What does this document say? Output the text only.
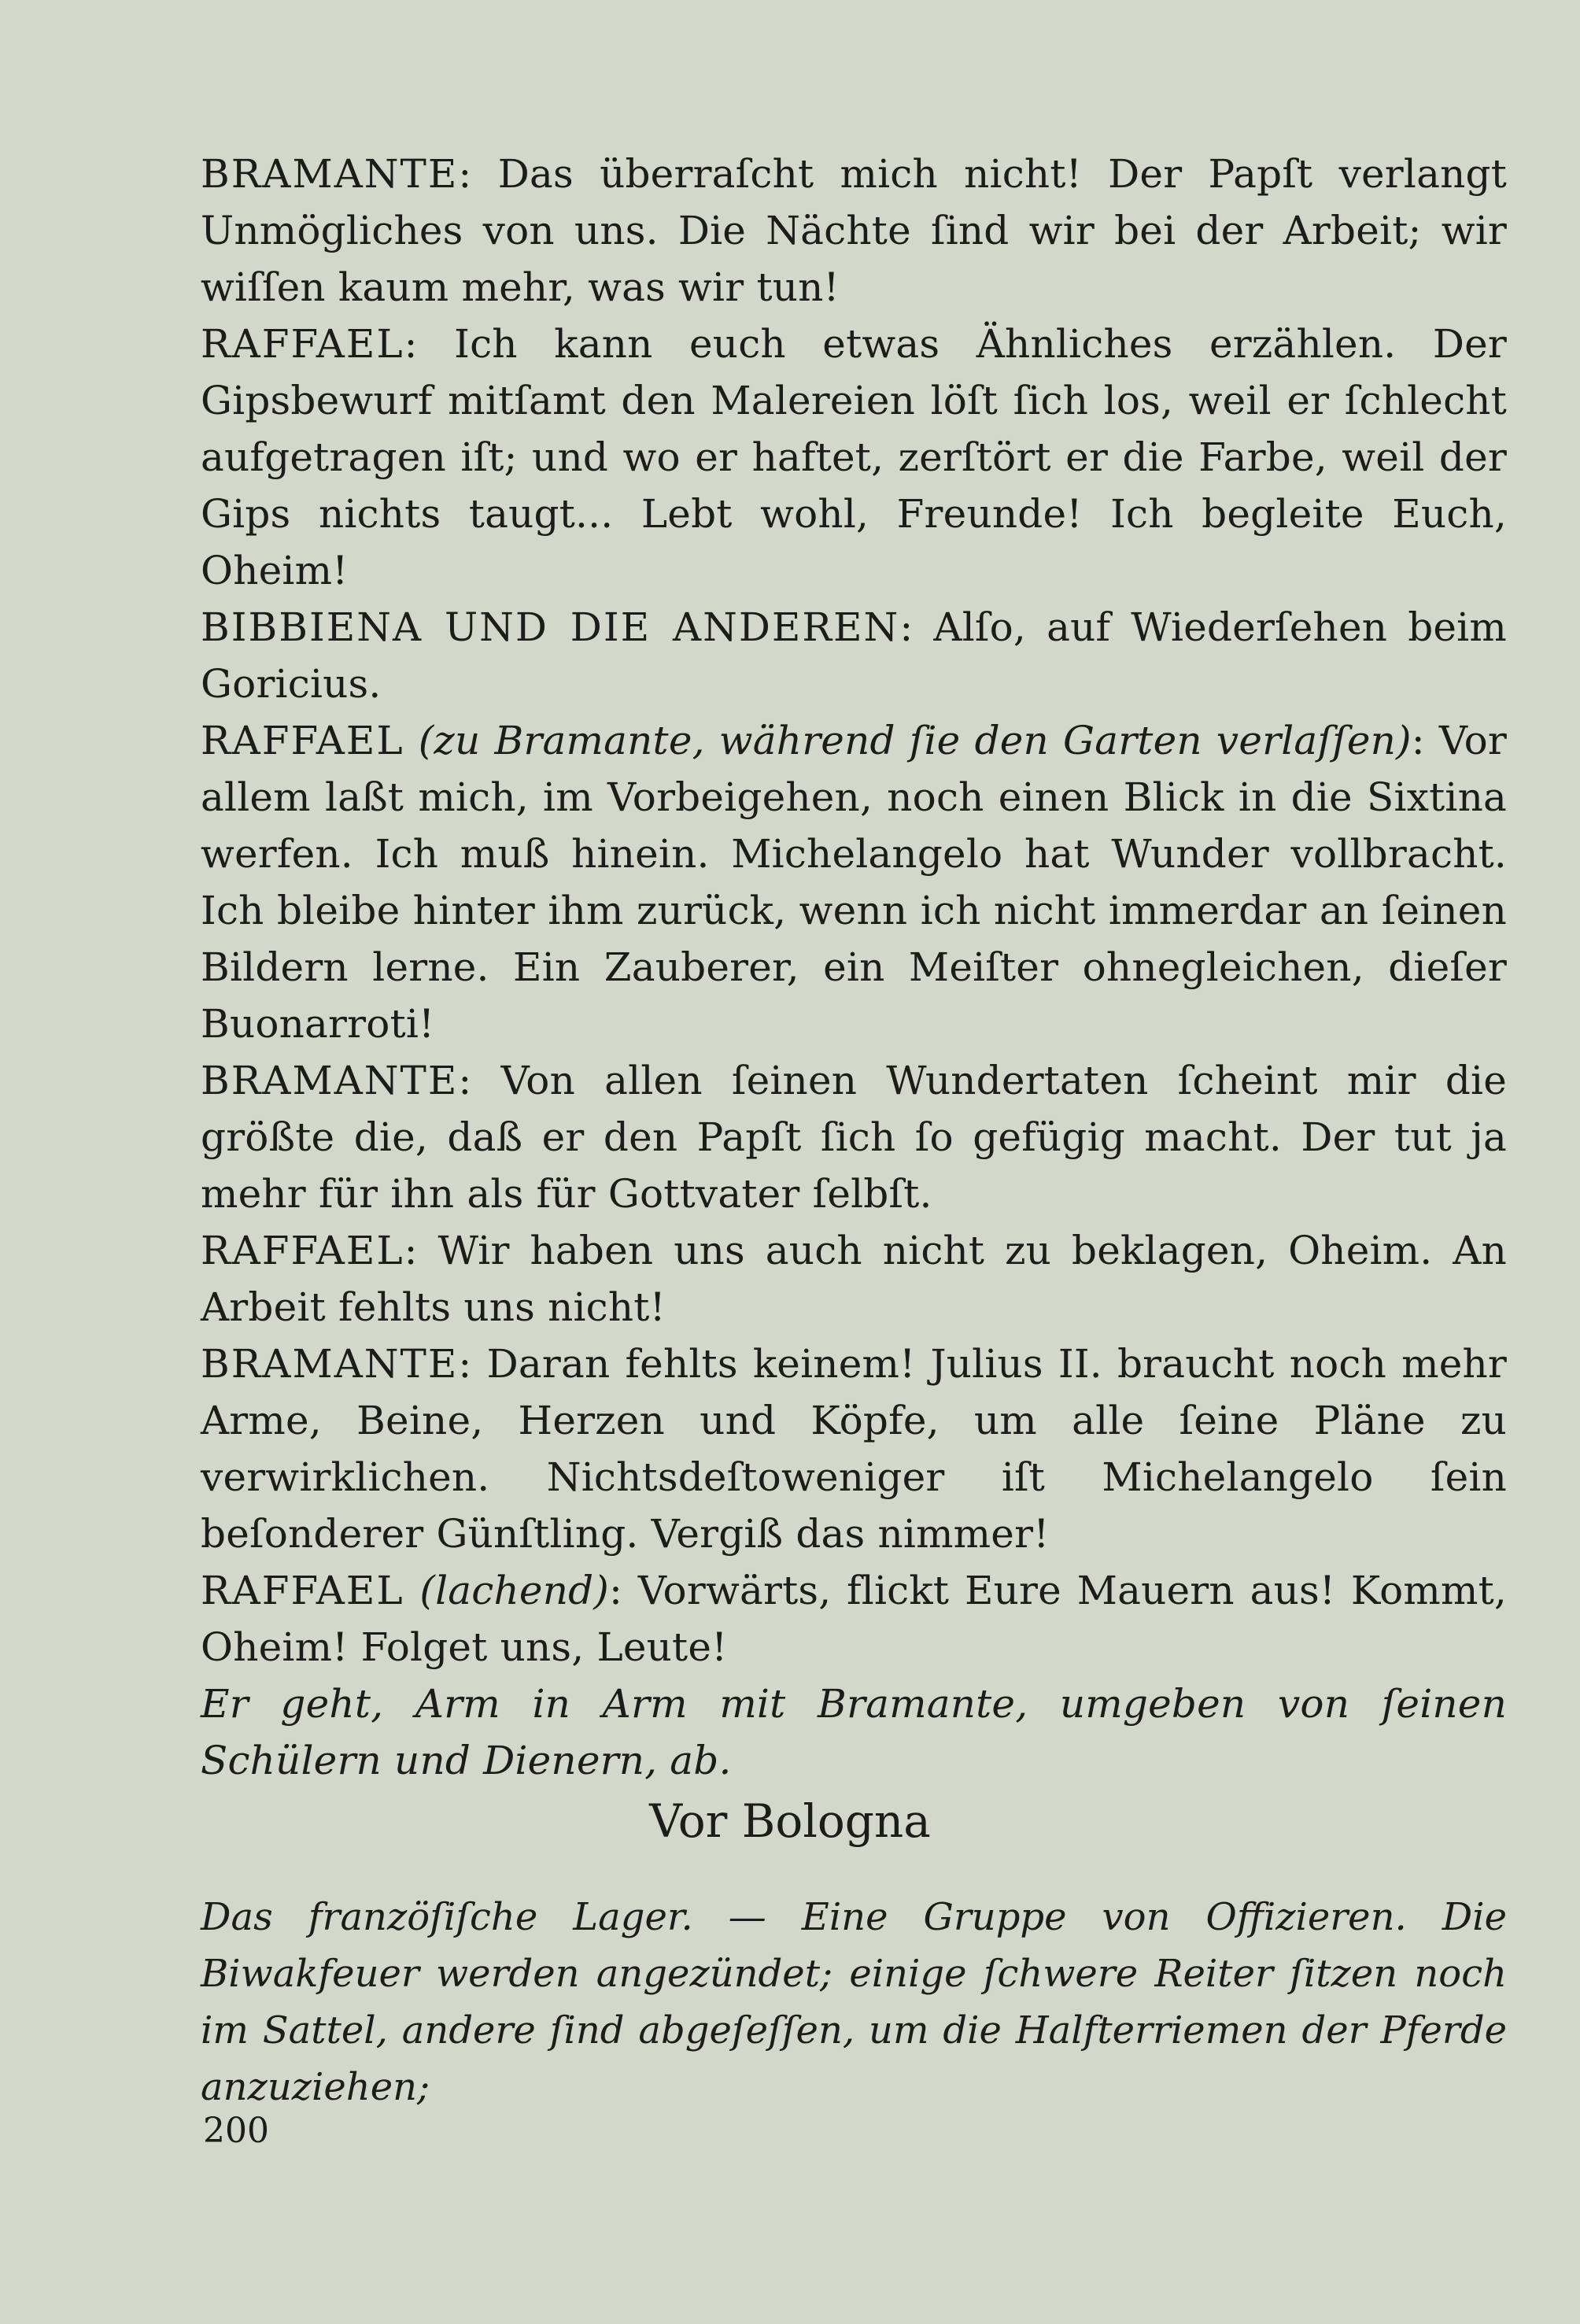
BRAMANTE: Das überraſcht mich nicht! Der Papſt verlangt Unmögliches von uns. Die Nächte ſind wir bei der Arbeit; wir wiſſen kaum mehr, was wir tun!

RAFFAEL: Ich kann euch etwas Ähnliches erzählen. Der Gipsbewurf mitſamt den Malereien löſt ſich los, weil er ſchlecht aufgetragen iſt; und wo er haftet, zerſtört er die Farbe, weil der Gips nichts taugt... Lebt wohl, Freunde! Ich begleite Euch, Oheim!

BIBBIENA UND DIE ANDEREN: Alſo, auf Wiederſehen beim Goricius.

RAFFAEL (zu Bramante, während ſie den Garten verlaſſen): Vor allem laßt mich, im Vorbeigehen, noch einen Blick in die Sixtina werfen. Ich muß hinein. Michelangelo hat Wunder vollbracht. Ich bleibe hinter ihm zurück, wenn ich nicht immerdar an ſeinen Bildern lerne. Ein Zauberer, ein Meiſter ohnegleichen, dieſer Buonarroti!

BRAMANTE: Von allen ſeinen Wundertaten ſcheint mir die größte die, daß er den Papſt ſich ſo gefügig macht. Der tut ja mehr für ihn als für Gottvater ſelbſt.

RAFFAEL: Wir haben uns auch nicht zu beklagen, Oheim. An Arbeit fehlts uns nicht!

BRAMANTE: Daran fehlts keinem! Julius II. braucht noch mehr Arme, Beine, Herzen und Köpfe, um alle ſeine Pläne zu verwirklichen. Nichtsdeſtoweniger iſt Michelangelo ſein beſonderer Günſtling. Vergiß das nimmer!

RAFFAEL (lachend): Vorwärts, flickt Eure Mauern aus! Kommt, Oheim! Folget uns, Leute!

Er geht, Arm in Arm mit Bramante, umgeben von ſeinen Schülern und Dienern, ab.

Vor Bologna

Das franzöſiſche Lager. — Eine Gruppe von Offizieren. Die Biwakfeuer werden angezündet; einige ſchwere Reiter ſitzen noch im Sattel, andere ſind abgeſeſſen, um die Halfterriemen der Pferde anzuziehen;

200
